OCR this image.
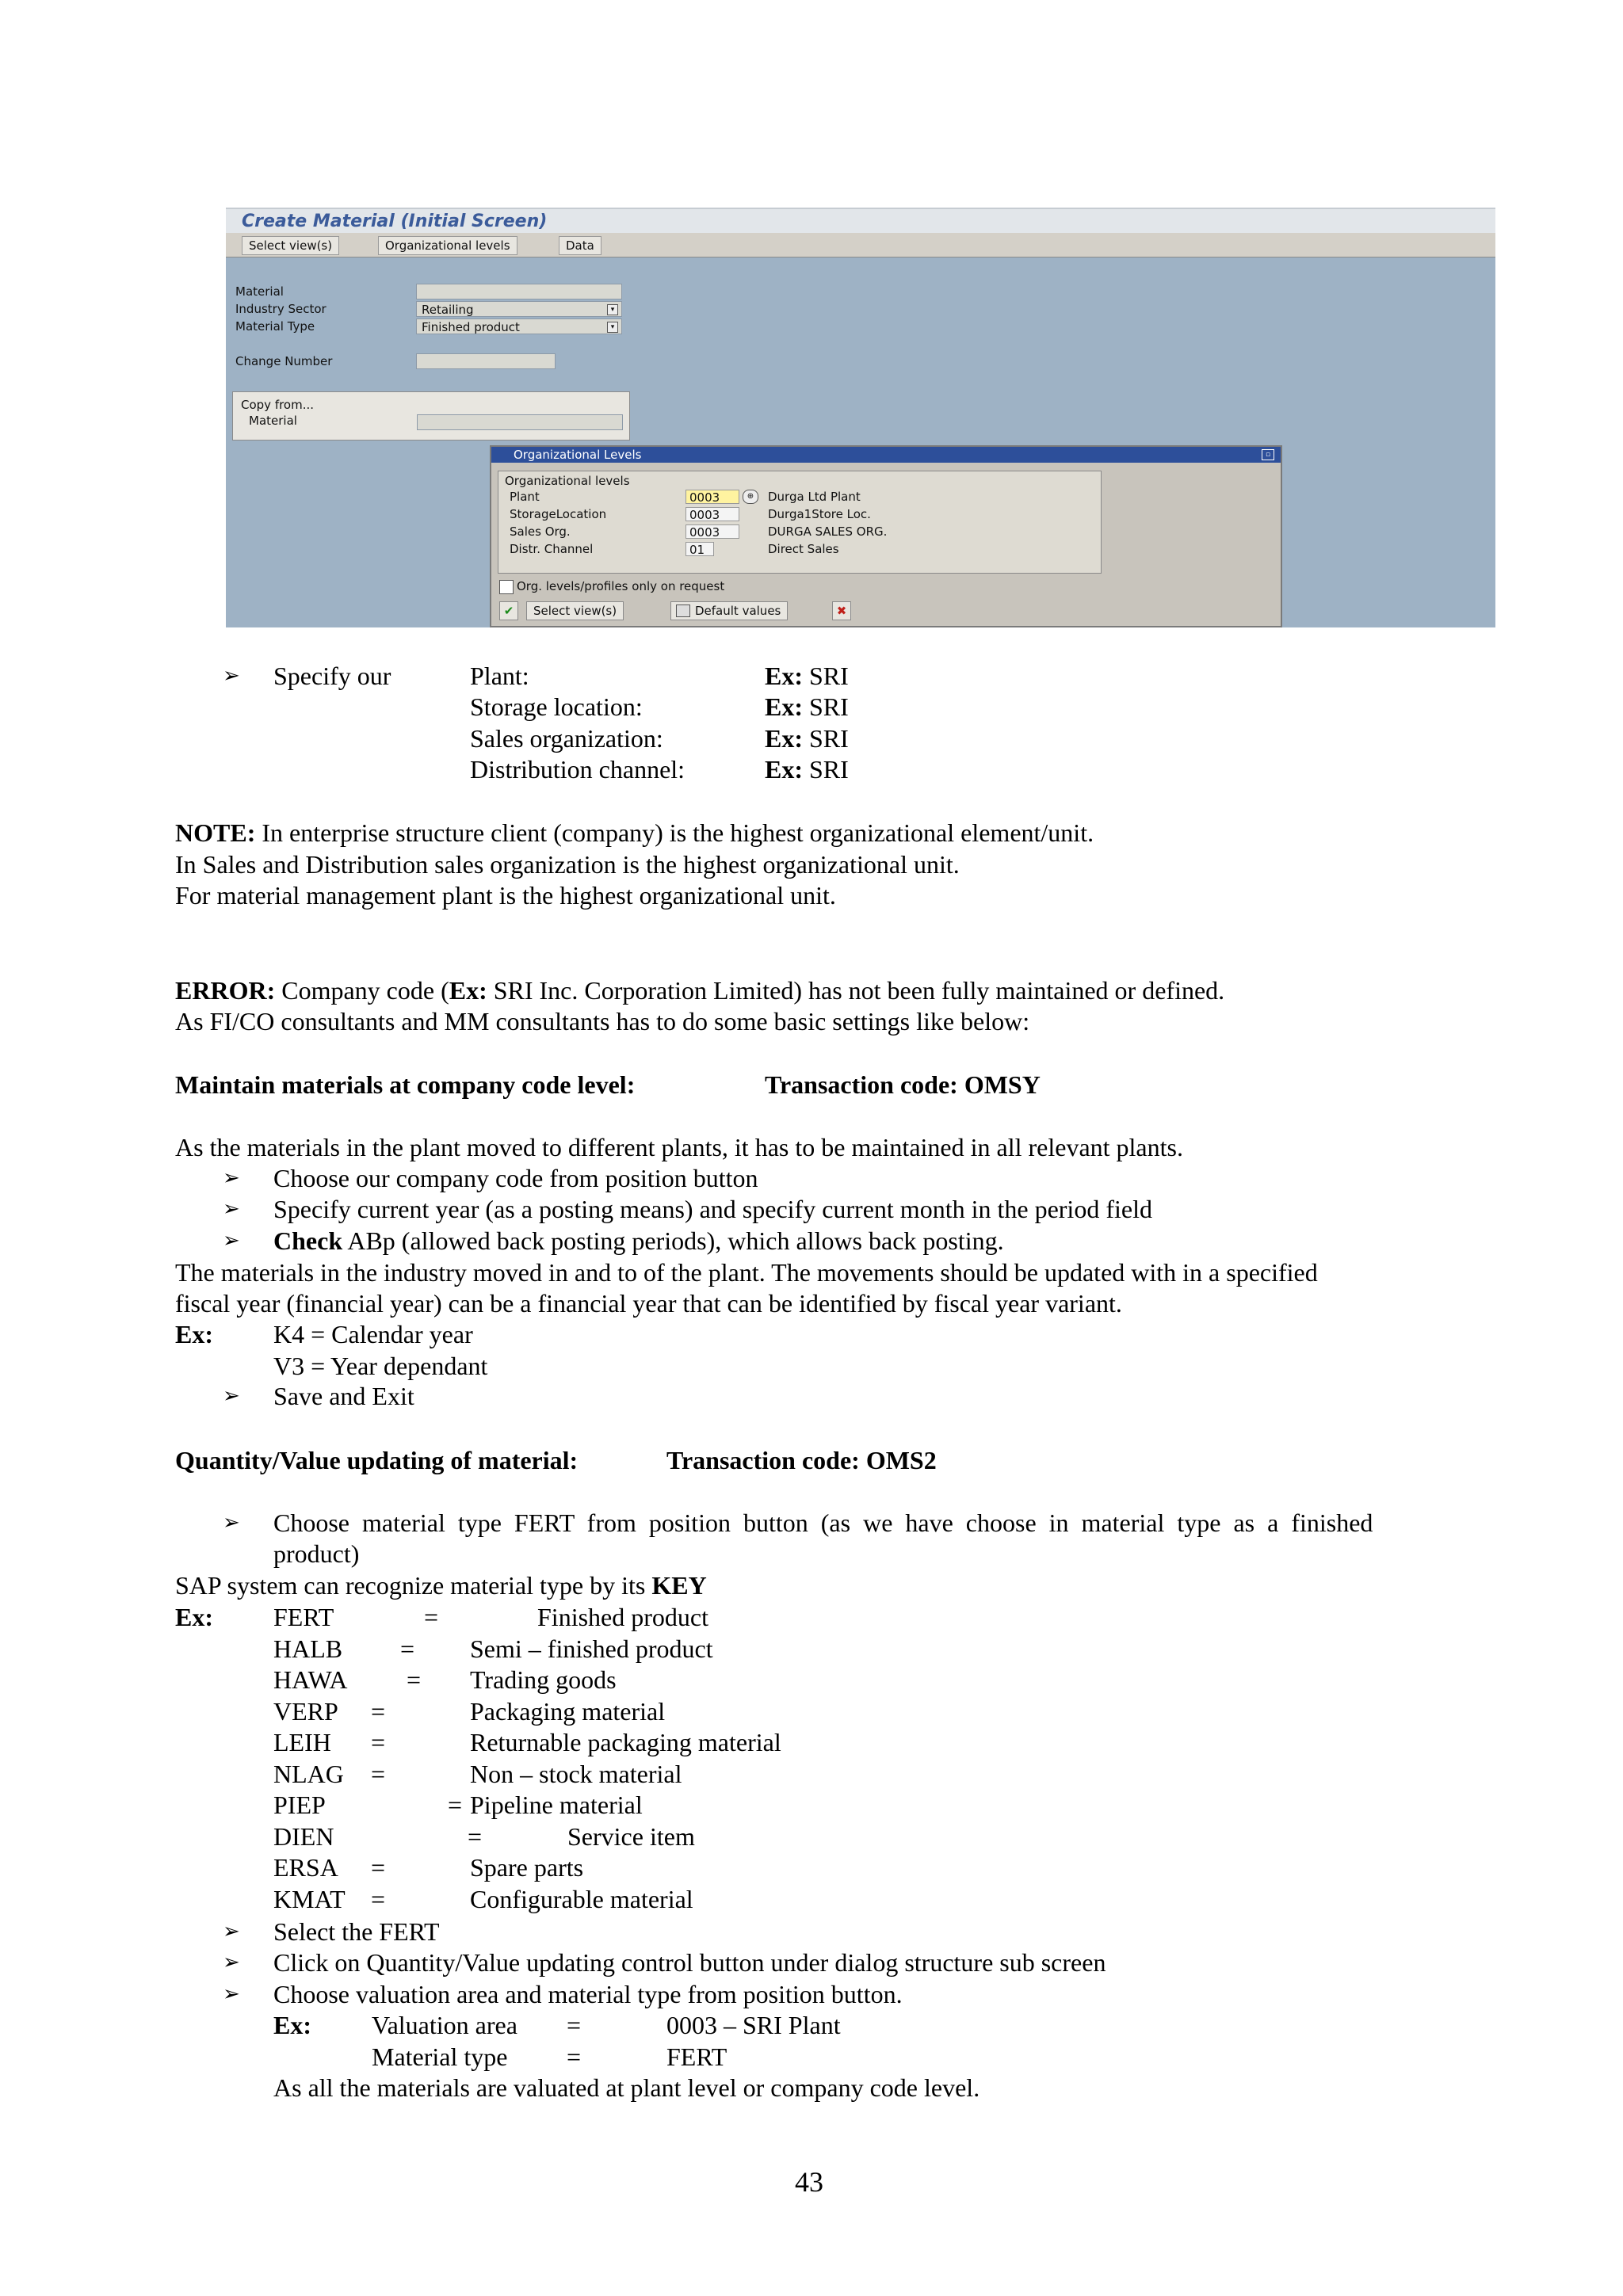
Create Material (Initial Screen)
Select view(s)	Organizational levels	Data
Material
Industry Sector	Retailing	▾
Material Type	Finished product	▾
Change Number
Copy from...
Material
Organizational Levels	▫
Organizational levels
Plant	0003	⊕	Durga Ltd Plant
StorageLocation	0003	Durga1Store Loc.
Sales Org.	0003	DURGA SALES ORG.
Distr. Channel	01	Direct Sales
Org. levels/profiles only on request
✔	Select view(s)	Default values	✖
➢ Specify our	Plant:	Ex: SRI
Storage location:	Ex: SRI
Sales organization:	Ex: SRI
Distribution channel:	Ex: SRI
NOTE: In enterprise structure client (company) is the highest organizational element/unit.
In Sales and Distribution sales organization is the highest organizational unit.
For material management plant is the highest organizational unit.
ERROR: Company code (Ex: SRI Inc. Corporation Limited) has not been fully maintained or defined.
As FI/CO consultants and MM consultants has to do some basic settings like below:
Maintain materials at company code level:	Transaction code: OMSY
As the materials in the plant moved to different plants, it has to be maintained in all relevant plants.
➢ Choose our company code from position button
➢ Specify current year (as a posting means) and specify current month in the period field
➢ Check ABp (allowed back posting periods), which allows back posting.
The materials in the industry moved in and to of the plant. The movements should be updated with in a specified
fiscal year (financial year) can be a financial year that can be identified by fiscal year variant.
Ex: K4 = Calendar year
V3 = Year dependant
➢ Save and Exit
Quantity/Value updating of material:	Transaction code: OMS2
➢ Choose  material  type  FERT  from  position  button  (as  we  have  choose  in  material  type  as  a  finished
product)
SAP system can recognize material type by its KEY
Ex: FERT	=	Finished product
HALB = Semi – finished product
HAWA = Trading goods
VERP =	Packaging material
LEIH =	Returnable packaging material
NLAG =	Non – stock material
PIEP	= Pipeline material
DIEN	=	Service item
ERSA =	Spare parts
KMAT =	Configurable material
➢ Select the FERT
➢ Click on Quantity/Value updating control button under dialog structure sub screen
➢ Choose valuation area and material type from position button.
Ex: Valuation area =	0003 – SRI Plant
Material type =	FERT
As all the materials are valuated at plant level or company code level.
43
